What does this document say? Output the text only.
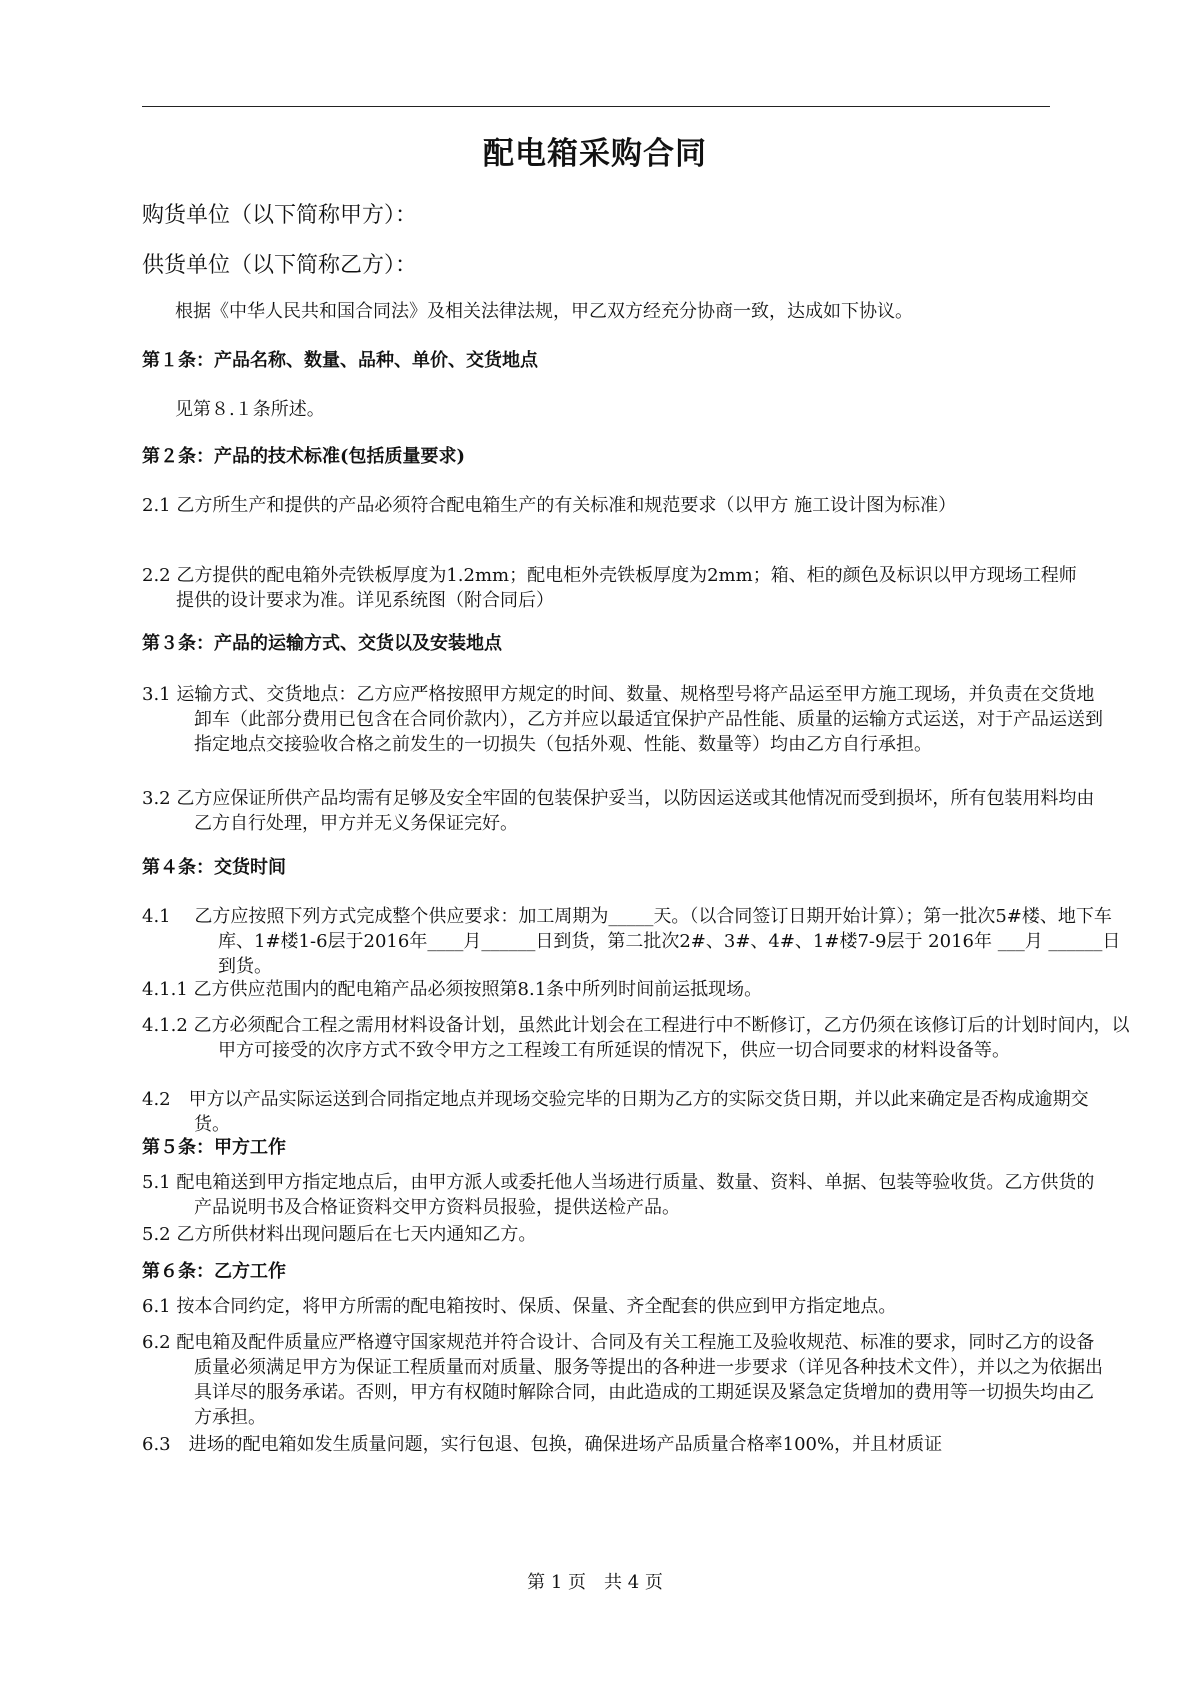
配电箱采购合同
购货单位（以下简称甲方）：
供货单位（以下简称乙方）：
根据《中华人民共和国合同法》及相关法律法规，甲乙双方经充分协商一致，达成如下协议。
第１条：产品名称、数量、品种、单价、交货地点
见第８.１条所述。
第２条：产品的技术标准(包括质量要求)
2.1 乙方所生产和提供的产品必须符合配电箱生产的有关标准和规范要求（以甲方 施工设计图为标准）
2.2 乙方提供的配电箱外壳铁板厚度为1.2mm；配电柜外壳铁板厚度为2mm；箱、柜的颜色及标识以甲方现场工程师提供的设计要求为准。详见系统图（附合同后）
第３条：产品的运输方式、交货以及安装地点
3.1 运输方式、交货地点：乙方应严格按照甲方规定的时间、数量、规格型号将产品运至甲方施工现场，并负责在交货地卸车（此部分费用已包含在合同价款内），乙方并应以最适宜保护产品性能、质量的运输方式运送，对于产品运送到指定地点交接验收合格之前发生的一切损失（包括外观、性能、数量等）均由乙方自行承担。
3.2 乙方应保证所供产品均需有足够及安全牢固的包装保护妥当，以防因运送或其他情况而受到损坏，所有包装用料均由乙方自行处理，甲方并无义务保证完好。
第４条：交货时间
4.1　 乙方应按照下列方式完成整个供应要求：加工周期为_____天。（以合同签订日期开始计算）；第一批次5#楼、地下车库、1#楼1-6层于2016年____月______日到货，第二批次2#、3#、4#、1#楼7-9层于 2016年 ___月 ______日到货。
4.1.1 乙方供应范围内的配电箱产品必须按照第8.1条中所列时间前运抵现场。
4.1.2 乙方必须配合工程之需用材料设备计划，虽然此计划会在工程进行中不断修订，乙方仍须在该修订后的计划时间内，以甲方可接受的次序方式不致令甲方之工程竣工有所延误的情况下，供应一切合同要求的材料设备等。
4.2　甲方以产品实际运送到合同指定地点并现场交验完毕的日期为乙方的实际交货日期，并以此来确定是否构成逾期交货。
第５条：甲方工作
5.1 配电箱送到甲方指定地点后，由甲方派人或委托他人当场进行质量、数量、资料、单据、包装等验收货。乙方供货的产品说明书及合格证资料交甲方资料员报验，提供送检产品。
5.2 乙方所供材料出现问题后在七天内通知乙方。
第６条：乙方工作
6.1 按本合同约定，将甲方所需的配电箱按时、保质、保量、齐全配套的供应到甲方指定地点。
6.2 配电箱及配件质量应严格遵守国家规范并符合设计、合同及有关工程施工及验收规范、标准的要求，同时乙方的设备质量必须满足甲方为保证工程质量而对质量、服务等提出的各种进一步要求（详见各种技术文件），并以之为依据出具详尽的服务承诺。否则，甲方有权随时解除合同，由此造成的工期延误及紧急定货增加的费用等一切损失均由乙方承担。
6.3　进场的配电箱如发生质量问题，实行包退、包换，确保进场产品质量合格率100%，并且材质证
第 1 页　共 4 页
